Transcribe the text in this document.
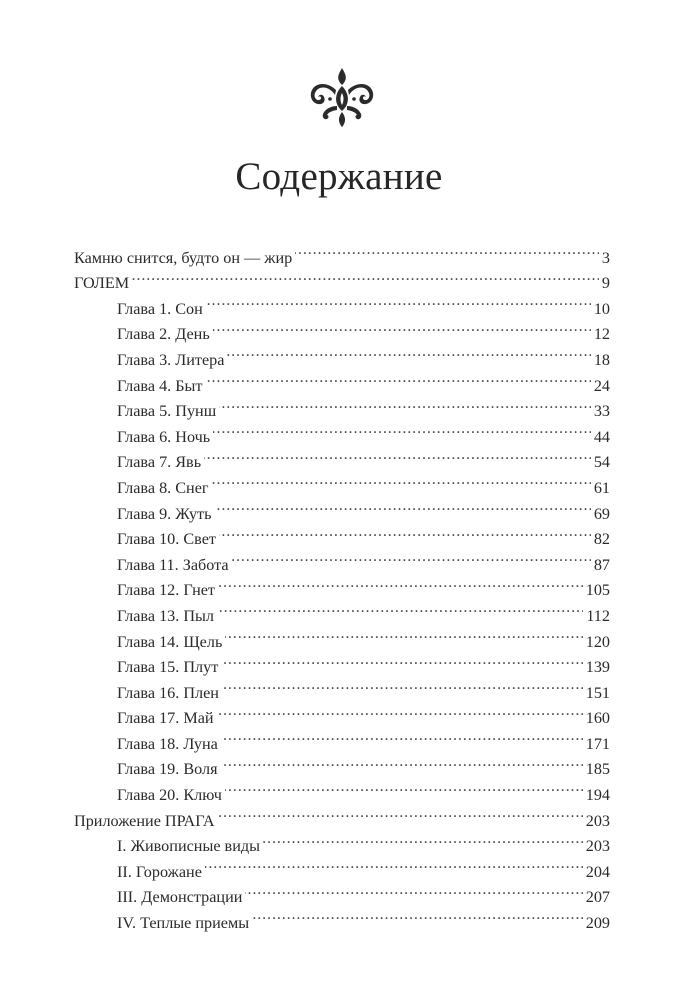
Содержание
Камню снится, будто он — жир . . .	3
ГОЛЕМ . . .	9
Глава 1. Сон . . .	10
Глава 2. День . . .	12
Глава 3. Литера . . .	18
Глава 4. Быт . . .	24
Глава 5. Пунш . . .	33
Глава 6. Ночь . . .	44
Глава 7. Явь . . .	54
Глава 8. Снег . . .	61
Глава 9. Жуть . . .	69
Глава 10. Свет . . .	82
Глава 11. Забота . . .	87
Глава 12. Гнет . . .	105
Глава 13. Пыл . . .	112
Глава 14. Щель . . .	120
Глава 15. Плут . . .	139
Глава 16. Плен . . .	151
Глава 17. Май . . .	160
Глава 18. Луна . . .	171
Глава 19. Воля . . .	185
Глава 20. Ключ . . .	194
Приложение ПРАГА . . .	203
I. Живописные виды . . .	203
II. Горожане . . .	204
III. Демонстрации . . .	207
IV. Теплые приемы . . .	209
